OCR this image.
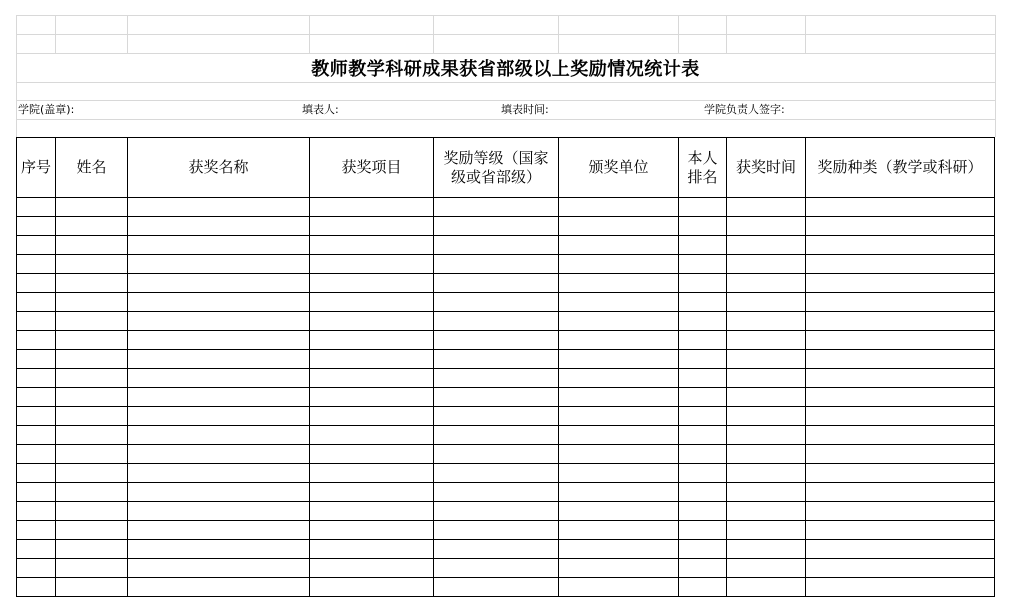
教师教学科研成果获省部级以上奖励情况统计表
学院(盖章):	填表人:	填表时间:	学院负责人签字:
序号	姓名	获奖名称	获奖项目	奖励等级（国家级或省部级）	颁奖单位	本人排名	获奖时间	奖励种类（教学或科研）
